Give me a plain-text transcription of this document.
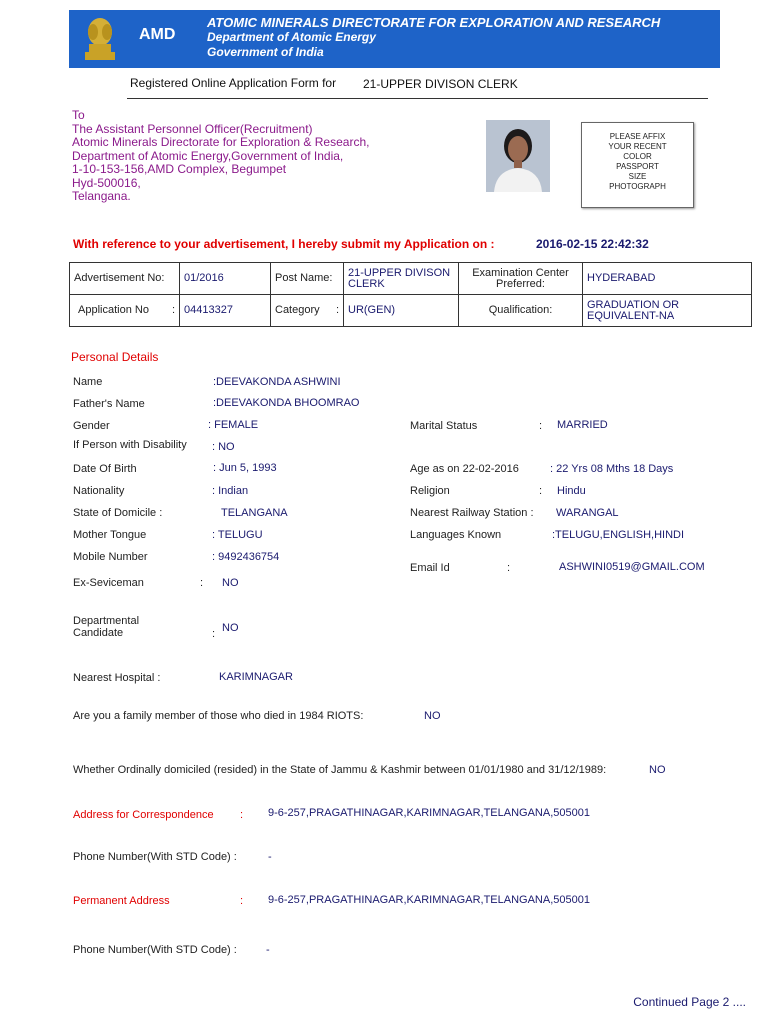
AMD
ATOMIC MINERALS DIRECTORATE FOR EXPLORATION AND RESEARCH
Department of Atomic Energy
Government of India
Registered Online Application Form for 21-UPPER DIVISON CLERK
To
The Assistant Personnel Officer(Recruitment)
Atomic Minerals Directorate for Exploration & Research,
Department of Atomic Energy,Government of India,
1-10-153-156,AMD Complex, Begumpet
Hyd-500016,
Telangana.
PLEASE AFFIX
YOUR RECENT
COLOR
PASSPORT
SIZE
PHOTOGRAPH
With reference to your advertisement, I hereby submit my Application on :	2016-02-15 22:42:32
Advertisement No:	01/2016	Post Name:	21-UPPER DIVISON CLERK	Examination Center Preferred:	HYDERABAD
Application No :	04413327	Category :	UR(GEN)	Qualification:	GRADUATION OR EQUIVALENT-NA
Personal Details
Name	:DEEVAKONDA ASHWINI
Father's Name	:DEEVAKONDA BHOOMRAO
Gender	: FEMALE	Marital Status	: MARRIED
If Person with Disability : NO
Date Of Birth	: Jun 5, 1993	Age as on 22-02-2016	: 22 Yrs 08 Mths 18 Days
Nationality	: Indian	Religion	: Hindu
State of Domicile :	TELANGANA	Nearest Railway Station : WARANGAL
Mother Tongue	: TELUGU	Languages Known	:TELUGU,ENGLISH,HINDI
Mobile Number	: 9492436754
Email Id	:	ASHWINI0519@GMAIL.COM
Ex-Seviceman	: NO
Departmental
Candidate	: NO
Nearest Hospital :	KARIMNAGAR
Are you a family member of those who died in 1984 RIOTS:	NO
Whether Ordinally domiciled (resided) in the State of Jammu & Kashmir between 01/01/1980 and 31/12/1989:	NO
Address for Correspondence : 9-6-257,PRAGATHINAGAR,KARIMNAGAR,TELANGANA,505001
Phone Number(With STD Code) :	-
Permanent Address	: 9-6-257,PRAGATHINAGAR,KARIMNAGAR,TELANGANA,505001
Phone Number(With STD Code) :	-
Continued Page 2 ....
